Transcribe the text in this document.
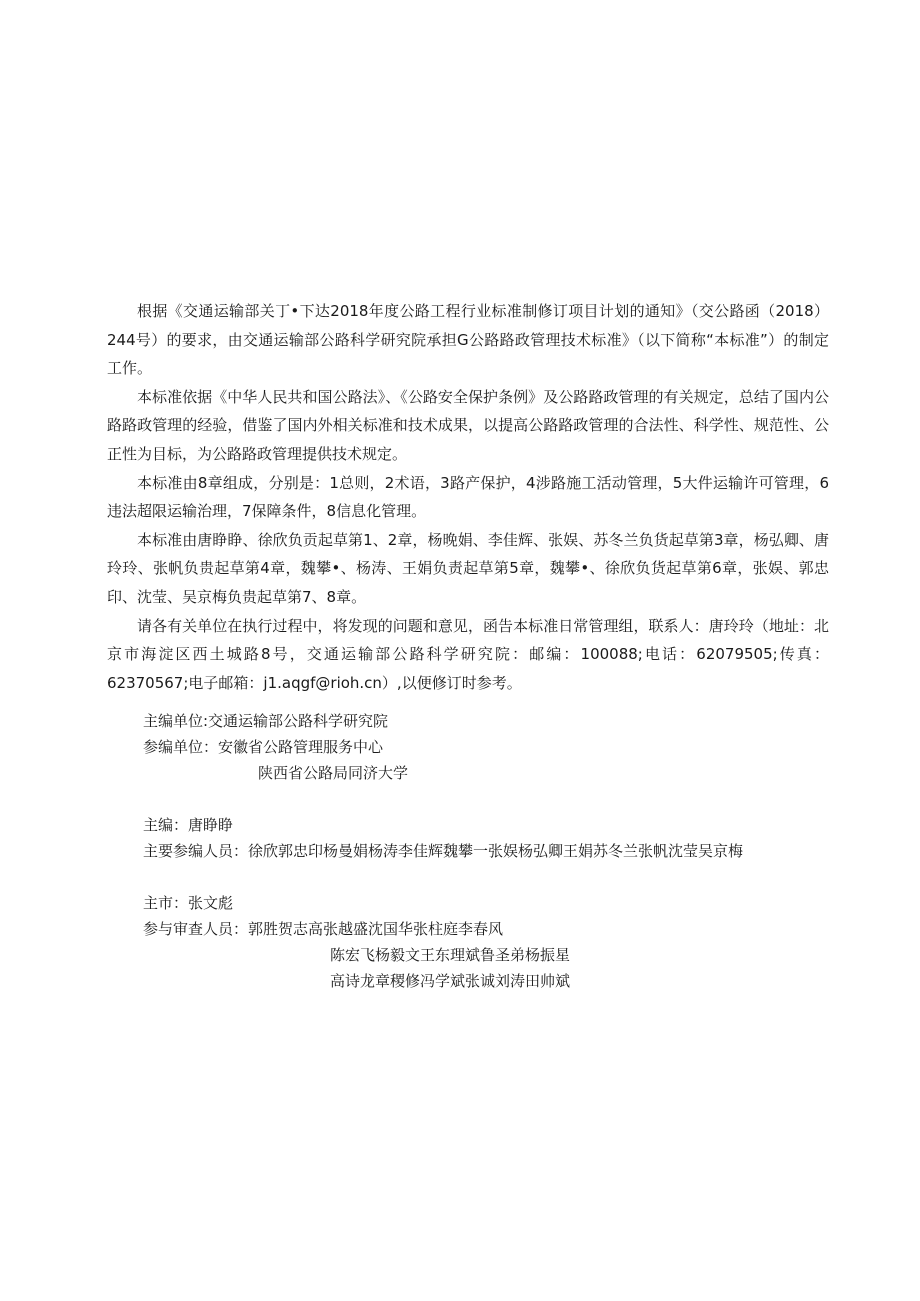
根据《交通运输部关丁•下达2018年度公路工程行业标准制修订项目计划的通知》（交公路函（2018）244号）的要求，由交通运输部公路科学研究院承担G公路路政管理技术标准》（以下简称“本标准”）的制定工作。

本标准依据《中华人民共和国公路法》、《公路安全保护条例》及公路路政管理的有关规定，总结了国内公路路政管理的经验，借鉴了国内外相关标准和技术成果，以提高公路路政管理的合法性、科学性、规范性、公正性为目标，为公路路政管理提供技术规定。

本标准由8章组成，分别是：1总则，2术语，3路产保护，4涉路施工活动管理，5大件运输许可管理，6违法超限运输治理，7保障条件，8信息化管理。

本标准由唐睁睁、徐欣负贡起草第1、2章，杨晚娟、李佳辉、张娱、苏冬兰负货起草第3章，杨弘卿、唐玲玲、张帆负贵起草第4章，魏攀•、杨涛、王娟负责起草第5章，魏攀•、徐欣负货起草第6章，张娱、郭忠印、沈莹、吴京梅负贵起草第7、8章。

请各有关单位在执行过程中，将发现的问题和意见，函告本标准日常管理组，联系人：唐玲玲（地址：北京市海淀区西土城路8号，交通运输部公路科学研究院：邮编：100088;电话：62079505;传真：62370567;电子邮箱：j1.aqgf@rioh.cn）,以便修订时参考。

主编单位:交通运输部公路科学研究院

参编单位：安徽省公路管理服务中心

陕西省公路局同济大学

主编：唐睁睁

主要参编人员：徐欣郭忠印杨曼娟杨涛李佳辉魏攀一张娱杨弘卿王娟苏冬兰张帆沈莹吴京梅

主市：张文彪

参与审查人员：郭胜贺志高张越盛沈国华张柱庭李春风

陈宏飞杨毅文王东理斌鲁圣弟杨振星

高诗龙章稷修冯学斌张诚刘涛田帅斌
